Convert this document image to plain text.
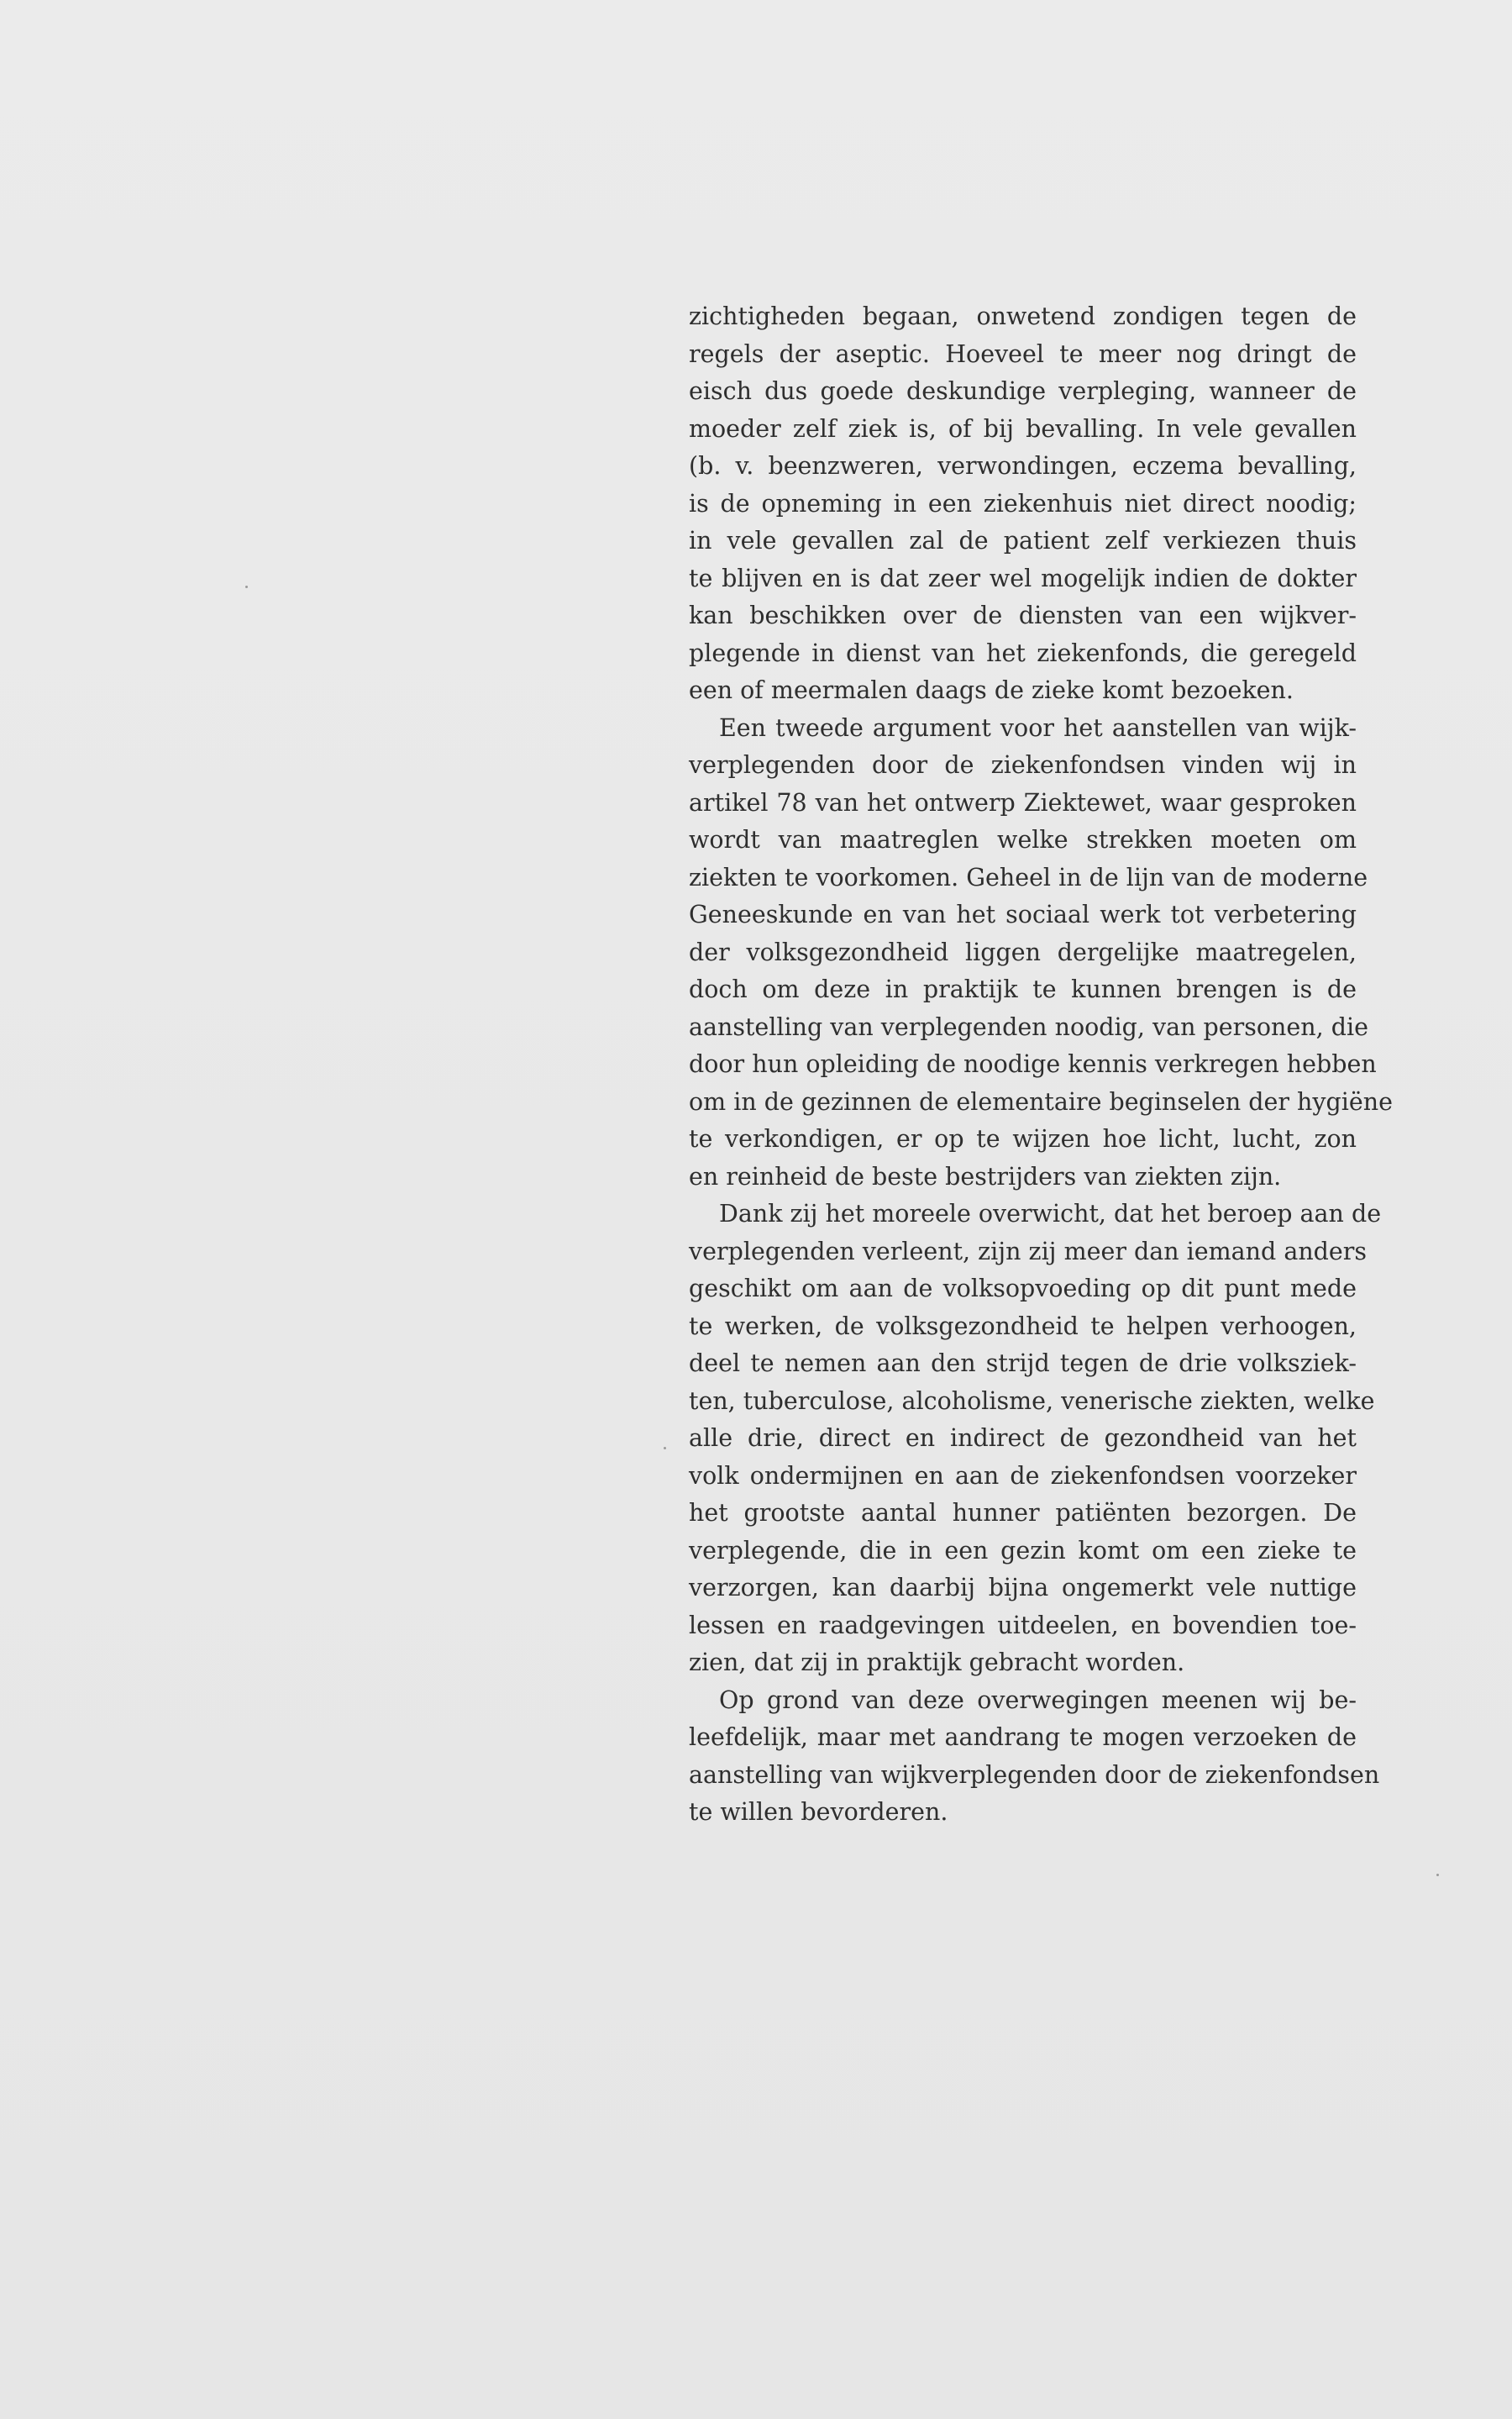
zichtigheden begaan, onwetend zondigen tegen de
regels der aseptic. Hoeveel te meer nog dringt de
eisch dus goede deskundige verpleging, wanneer de
moeder zelf ziek is, of bij bevalling. In vele gevallen
(b. v. beenzweren, verwondingen, eczema bevalling,
is de opneming in een ziekenhuis niet direct noodig;
in vele gevallen zal de patient zelf verkiezen thuis
te blijven en is dat zeer wel mogelijk indien de dokter
kan beschikken over de diensten van een wijkver-
plegende in dienst van het ziekenfonds, die geregeld
een of meermalen daags de zieke komt bezoeken.
Een tweede argument voor het aanstellen van wijk-
verplegenden door de ziekenfondsen vinden wij in
artikel 78 van het ontwerp Ziektewet, waar gesproken
wordt van maatreglen welke strekken moeten om
ziekten te voorkomen. Geheel in de lijn van de moderne
Geneeskunde en van het sociaal werk tot verbetering
der volksgezondheid liggen dergelijke maatregelen,
doch om deze in praktijk te kunnen brengen is de
aanstelling van verplegenden noodig, van personen, die
door hun opleiding de noodige kennis verkregen hebben
om in de gezinnen de elementaire beginselen der hygiëne
te verkondigen, er op te wijzen hoe licht, lucht, zon
en reinheid de beste bestrijders van ziekten zijn.
Dank zij het moreele overwicht, dat het beroep aan de
verplegenden verleent, zijn zij meer dan iemand anders
geschikt om aan de volksopvoeding op dit punt mede
te werken, de volksgezondheid te helpen verhoogen,
deel te nemen aan den strijd tegen de drie volksziek-
ten, tuberculose, alcoholisme, venerische ziekten, welke
alle drie, direct en indirect de gezondheid van het
volk ondermijnen en aan de ziekenfondsen voorzeker
het grootste aantal hunner patiënten bezorgen. De
verplegende, die in een gezin komt om een zieke te
verzorgen, kan daarbij bijna ongemerkt vele nuttige
lessen en raadgevingen uitdeelen, en bovendien toe-
zien, dat zij in praktijk gebracht worden.
Op grond van deze overwegingen meenen wij be-
leefdelijk, maar met aandrang te mogen verzoeken de
aanstelling van wijkverplegenden door de ziekenfondsen
te willen bevorderen.
